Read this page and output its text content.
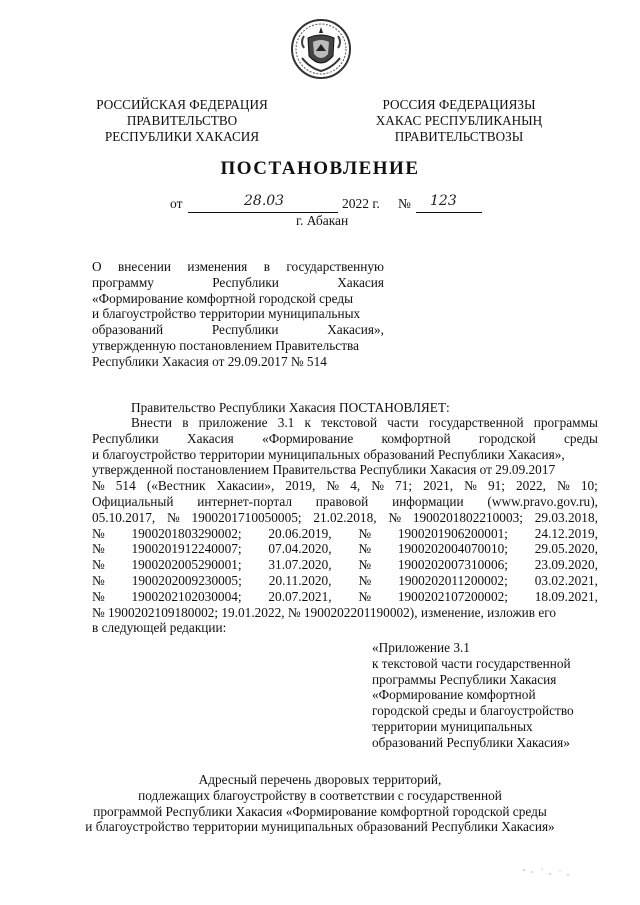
РОССИЙСКАЯ ФЕДЕРАЦИЯ
ПРАВИТЕЛЬСТВО
РЕСПУБЛИКИ ХАКАСИЯ
РОССИЯ ФЕДЕРАЦИЯЗЫ
ХАКАС РЕСПУБЛИКАНЫҢ
ПРАВИТЕЛЬСТВОЗЫ
ПОСТАНОВЛЕНИЕ
от	28.03	2022 г. № 123
г. Абакан
О внесении изменения в государственную
программу	Республики	Хакасия
«Формирование комфортной городской среды
и благоустройство территории муниципальных
образований	Республики	Хакасия»,
утвержденную постановлением Правительства
Республики Хакасия от 29.09.2017 № 514
Правительство Республики Хакасия ПОСТАНОВЛЯЕТ:
Внести в приложение 3.1 к текстовой части государственной программы
Республики Хакасия «Формирование комфортной городской среды
и благоустройство территории муниципальных образований Республики Хакасия»,
утвержденной постановлением Правительства Республики Хакасия от 29.09.2017
№ 514 («Вестник Хакасии», 2019, № 4, № 71; 2021, № 91; 2022, № 10;
Официальный интернет-портал правовой информации (www.pravo.gov.ru),
05.10.2017, № 1900201710050005; 21.02.2018, № 1900201802210003; 29.03.2018,
№ 1900201803290002; 20.06.2019, № 1900201906200001; 24.12.2019,
№ 1900201912240007; 07.04.2020, № 1900202004070010; 29.05.2020,
№ 1900202005290001; 31.07.2020, № 1900202007310006; 23.09.2020,
№ 1900202009230005; 20.11.2020, № 1900202011200002; 03.02.2021,
№ 1900202102030004; 20.07.2021, № 1900202107200002; 18.09.2021,
№ 1900202109180002; 19.01.2022, № 1900202201190002), изменение, изложив его
в следующей редакции:
«Приложение 3.1
к текстовой части государственной
программы Республики Хакасия
«Формирование комфортной
городской среды и благоустройство
территории муниципальных
образований Республики Хакасия»
Адресный перечень дворовых территорий,
подлежащих благоустройству в соответствии с государственной
программой Республики Хакасия «Формирование комфортной городской среды
и благоустройство территории муниципальных образований Республики Хакасия»
